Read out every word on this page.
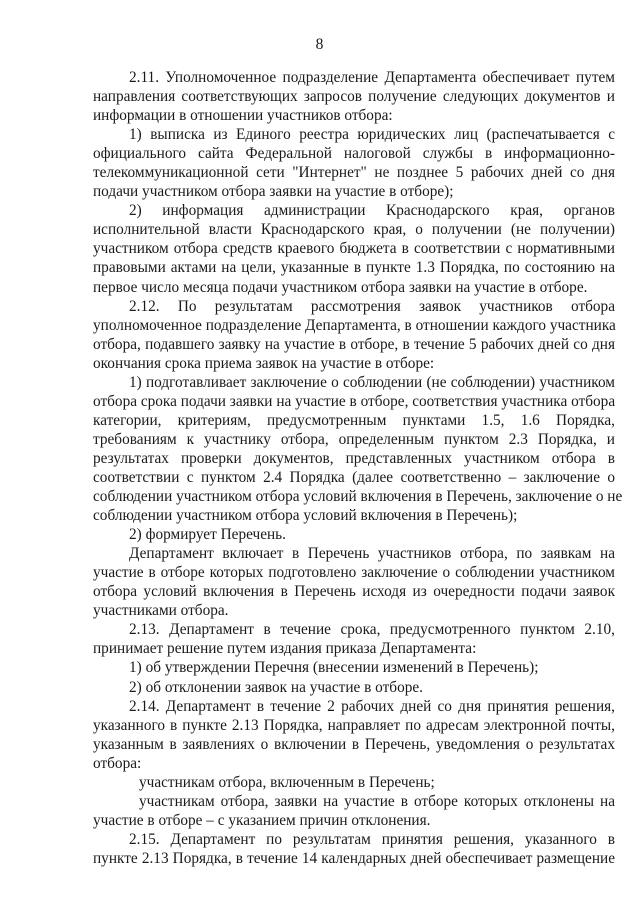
8
2.11. Уполномоченное подразделение Департамента обеспечивает путем
направления соответствующих запросов получение следующих документов и
информации в отношении участников отбора:
1) выписка из Единого реестра юридических лиц (распечатывается с
официального сайта Федеральной налоговой службы в информационно-
телекоммуникационной сети "Интернет" не позднее 5 рабочих дней со дня
подачи участником отбора заявки на участие в отборе);
2) информация администрации Краснодарского края, органов
исполнительной власти Краснодарского края, о получении (не получении)
участником отбора средств краевого бюджета в соответствии с нормативными
правовыми актами на цели, указанные в пункте 1.3 Порядка, по состоянию на
первое число месяца подачи участником отбора заявки на участие в отборе.
2.12. По результатам рассмотрения заявок участников отбора
уполномоченное подразделение Департамента, в отношении каждого участника
отбора, подавшего заявку на участие в отборе, в течение 5 рабочих дней со дня
окончания срока приема заявок на участие в отборе:
1) подготавливает заключение о соблюдении (не соблюдении) участником
отбора срока подачи заявки на участие в отборе, соответствия участника отбора
категории, критериям, предусмотренным пунктами 1.5, 1.6 Порядка,
требованиям к участнику отбора, определенным пунктом 2.3 Порядка, и
результатах проверки документов, представленных участником отбора в
соответствии с пунктом 2.4 Порядка (далее соответственно – заключение о
соблюдении участником отбора условий включения в Перечень, заключение о не
соблюдении участником отбора условий включения в Перечень);
2) формирует Перечень.
Департамент включает в Перечень участников отбора, по заявкам на
участие в отборе которых подготовлено заключение о соблюдении участником
отбора условий включения в Перечень исходя из очередности подачи заявок
участниками отбора.
2.13. Департамент в течение срока, предусмотренного пунктом 2.10,
принимает решение путем издания приказа Департамента:
1) об утверждении Перечня (внесении изменений в Перечень);
2) об отклонении заявок на участие в отборе.
2.14. Департамент в течение 2 рабочих дней со дня принятия решения,
указанного в пункте 2.13 Порядка, направляет по адресам электронной почты,
указанным в заявлениях о включении в Перечень, уведомления о результатах
отбора:
участникам отбора, включенным в Перечень;
участникам отбора, заявки на участие в отборе которых отклонены на
участие в отборе – с указанием причин отклонения.
2.15. Департамент по результатам принятия решения, указанного в
пункте 2.13 Порядка, в течение 14 календарных дней обеспечивает размещение
